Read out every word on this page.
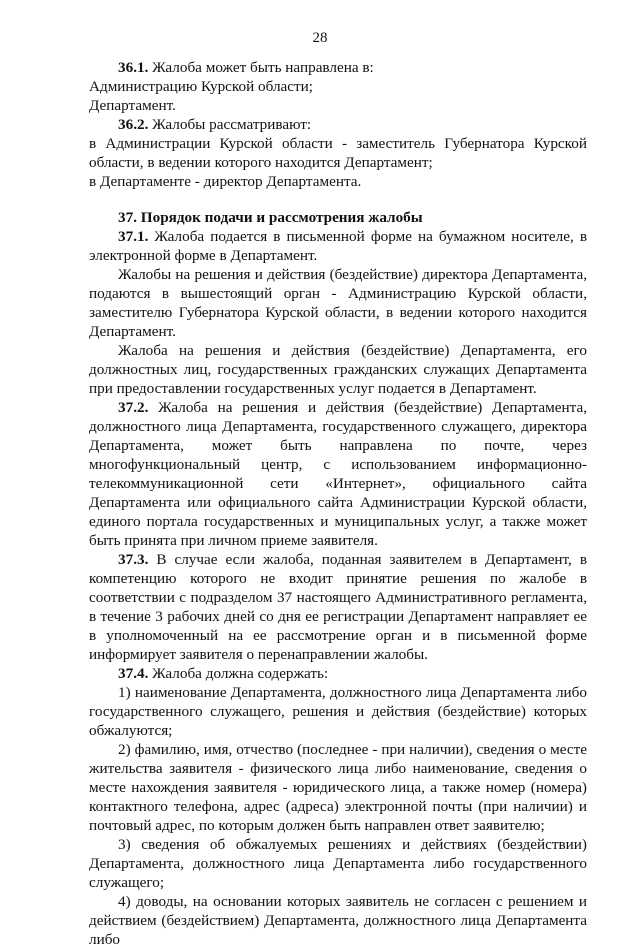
28

36.1. Жалоба может быть направлена в:

Администрацию Курской области;

Департамент.

36.2. Жалобы рассматривают:

в Администрации Курской области - заместитель Губернатора Курской области, в ведении которого находится Департамент;

в Департаменте - директор Департамента.

37. Порядок подачи и рассмотрения жалобы

37.1. Жалоба подается в письменной форме на бумажном носителе, в электронной форме в Департамент.

Жалобы на решения и действия (бездействие) директора Департамента, подаются в вышестоящий орган - Администрацию Курской области, заместителю Губернатора Курской области, в ведении которого находится Департамент.

Жалоба на решения и действия (бездействие) Департамента, его должностных лиц, государственных гражданских служащих Департамента при предоставлении государственных услуг подается в Департамент.

37.2. Жалоба на решения и действия (бездействие) Департамента, должностного лица Департамента, государственного служащего, директора Департамента, может быть направлена по почте, через многофункциональный центр, с использованием информационно-телекоммуникационной сети «Интернет», официального сайта Департамента или официального сайта Администрации Курской области, единого портала государственных и муниципальных услуг, а также может быть принята при личном приеме заявителя.

37.3. В случае если жалоба, поданная заявителем в Департамент, в компетенцию которого не входит принятие решения по жалобе в соответствии с подразделом 37 настоящего Административного регламента, в течение 3 рабочих дней со дня ее регистрации Департамент направляет ее в уполномоченный на ее рассмотрение орган и в письменной форме информирует заявителя о перенаправлении жалобы.

37.4. Жалоба должна содержать:

1) наименование Департамента, должностного лица Департамента либо государственного служащего, решения и действия (бездействие) которых обжалуются;

2) фамилию, имя, отчество (последнее - при наличии), сведения о месте жительства заявителя - физического лица либо наименование, сведения о месте нахождения заявителя - юридического лица, а также номер (номера) контактного телефона, адрес (адреса) электронной почты (при наличии) и почтовый адрес, по которым должен быть направлен ответ заявителю;

3) сведения об обжалуемых решениях и действиях (бездействии) Департамента, должностного лица Департамента либо государственного служащего;

4) доводы, на основании которых заявитель не согласен с решением и действием (бездействием) Департамента, должностного лица Департамента либо
